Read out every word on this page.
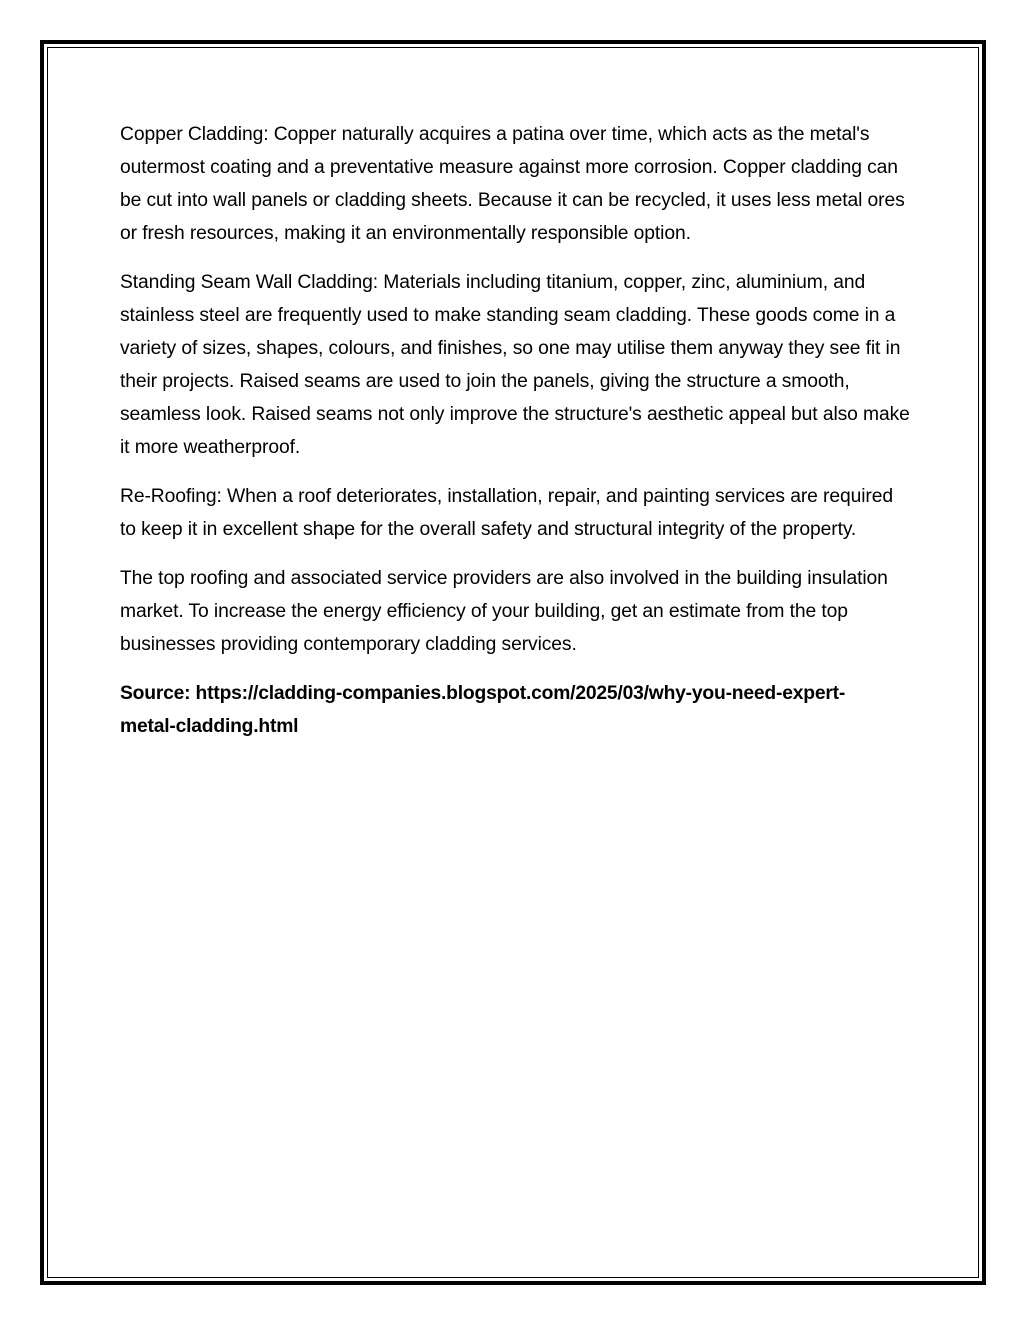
Copper Cladding: Copper naturally acquires a patina over time, which acts as the metal's outermost coating and a preventative measure against more corrosion. Copper cladding can be cut into wall panels or cladding sheets. Because it can be recycled, it uses less metal ores or fresh resources, making it an environmentally responsible option.

Standing Seam Wall Cladding: Materials including titanium, copper, zinc, aluminium, and stainless steel are frequently used to make standing seam cladding. These goods come in a variety of sizes, shapes, colours, and finishes, so one may utilise them anyway they see fit in their projects. Raised seams are used to join the panels, giving the structure a smooth, seamless look. Raised seams not only improve the structure's aesthetic appeal but also make it more weatherproof.

Re-Roofing: When a roof deteriorates, installation, repair, and painting services are required to keep it in excellent shape for the overall safety and structural integrity of the property.

The top roofing and associated service providers are also involved in the building insulation market. To increase the energy efficiency of your building, get an estimate from the top businesses providing contemporary cladding services.

Source: https://cladding-companies.blogspot.com/2025/03/why-you-need-expert-metal-cladding.html
